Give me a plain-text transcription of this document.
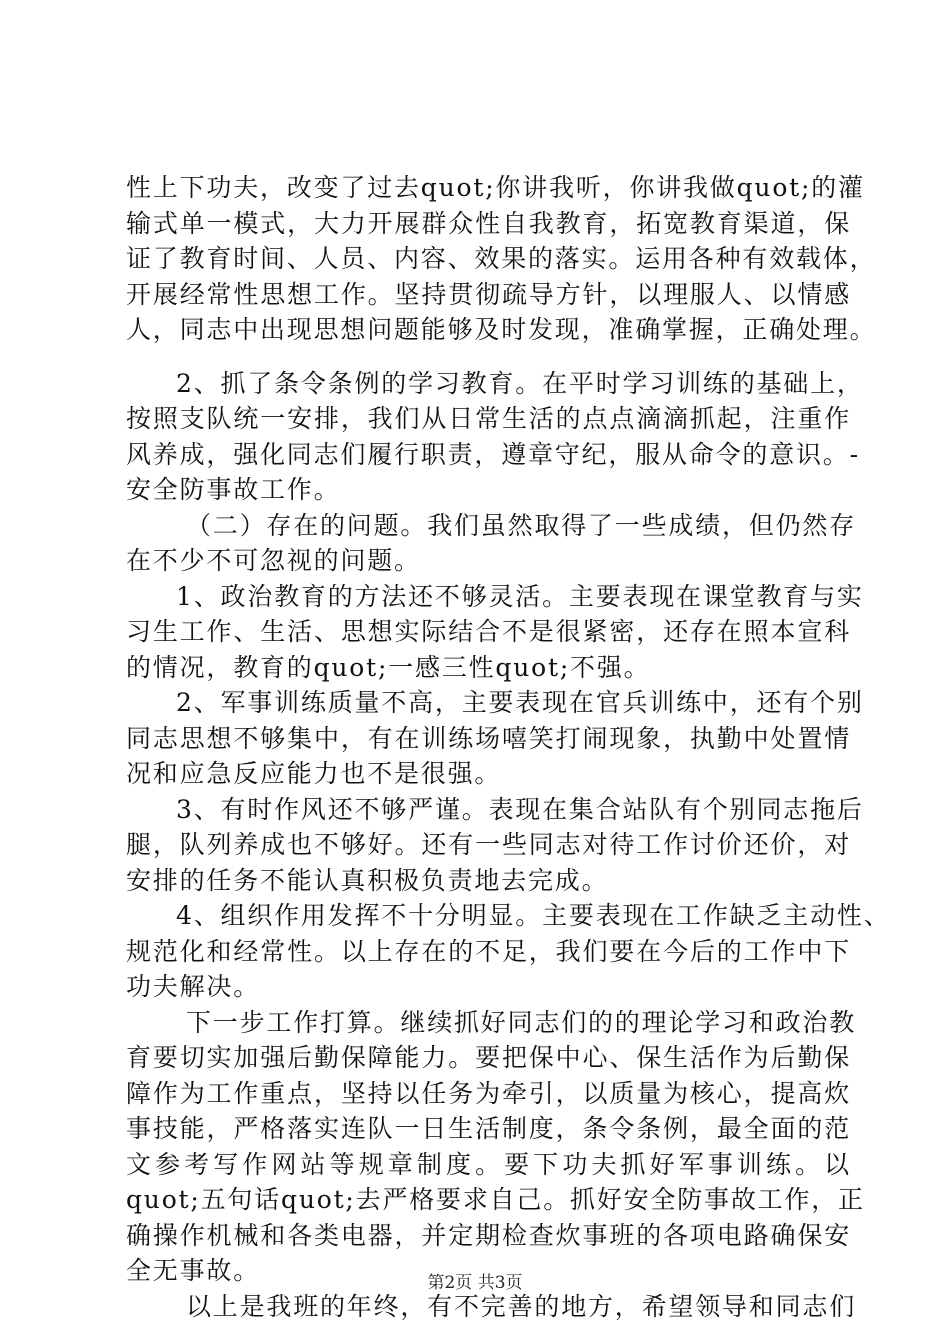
性上下功夫，改变了过去quot;你讲我听，你讲我做quot;的灌
输式单一模式，大力开展群众性自我教育，拓宽教育渠道，保
证了教育时间、人员、内容、效果的落实。运用各种有效载体，
开展经常性思想工作。坚持贯彻疏导方针，以理服人、以情感
人，同志中出现思想问题能够及时发现，准确掌握，正确处理。
2、抓了条令条例的学习教育。在平时学习训练的基础上，
按照支队统一安排，我们从日常生活的点点滴滴抓起，注重作
风养成，强化同志们履行职责，遵章守纪，服从命令的意识。-
安全防事故工作。
（二）存在的问题。我们虽然取得了一些成绩，但仍然存
在不少不可忽视的问题。
1、政治教育的方法还不够灵活。主要表现在课堂教育与实
习生工作、生活、思想实际结合不是很紧密，还存在照本宣科
的情况，教育的quot;一感三性quot;不强。
2、军事训练质量不高，主要表现在官兵训练中，还有个别
同志思想不够集中，有在训练场嘻笑打闹现象，执勤中处置情
况和应急反应能力也不是很强。
3、有时作风还不够严谨。表现在集合站队有个别同志拖后
腿，队列养成也不够好。还有一些同志对待工作讨价还价，对
安排的任务不能认真积极负责地去完成。
4、组织作用发挥不十分明显。主要表现在工作缺乏主动性、
规范化和经常性。以上存在的不足，我们要在今后的工作中下
功夫解决。
下一步工作打算。继续抓好同志们的的理论学习和政治教
育要切实加强后勤保障能力。要把保中心、保生活作为后勤保
障作为工作重点，坚持以任务为牵引，以质量为核心，提高炊
事技能，严格落实连队一日生活制度，条令条例，最全面的范
文参考写作网站等规章制度。要下功夫抓好军事训练。以
quot;五句话quot;去严格要求自己。抓好安全防事故工作，正
确操作机械和各类电器，并定期检查炊事班的各项电路确保安
全无事故。
以上是我班的年终，有不完善的地方，希望领导和同志们
第2页 共3页
